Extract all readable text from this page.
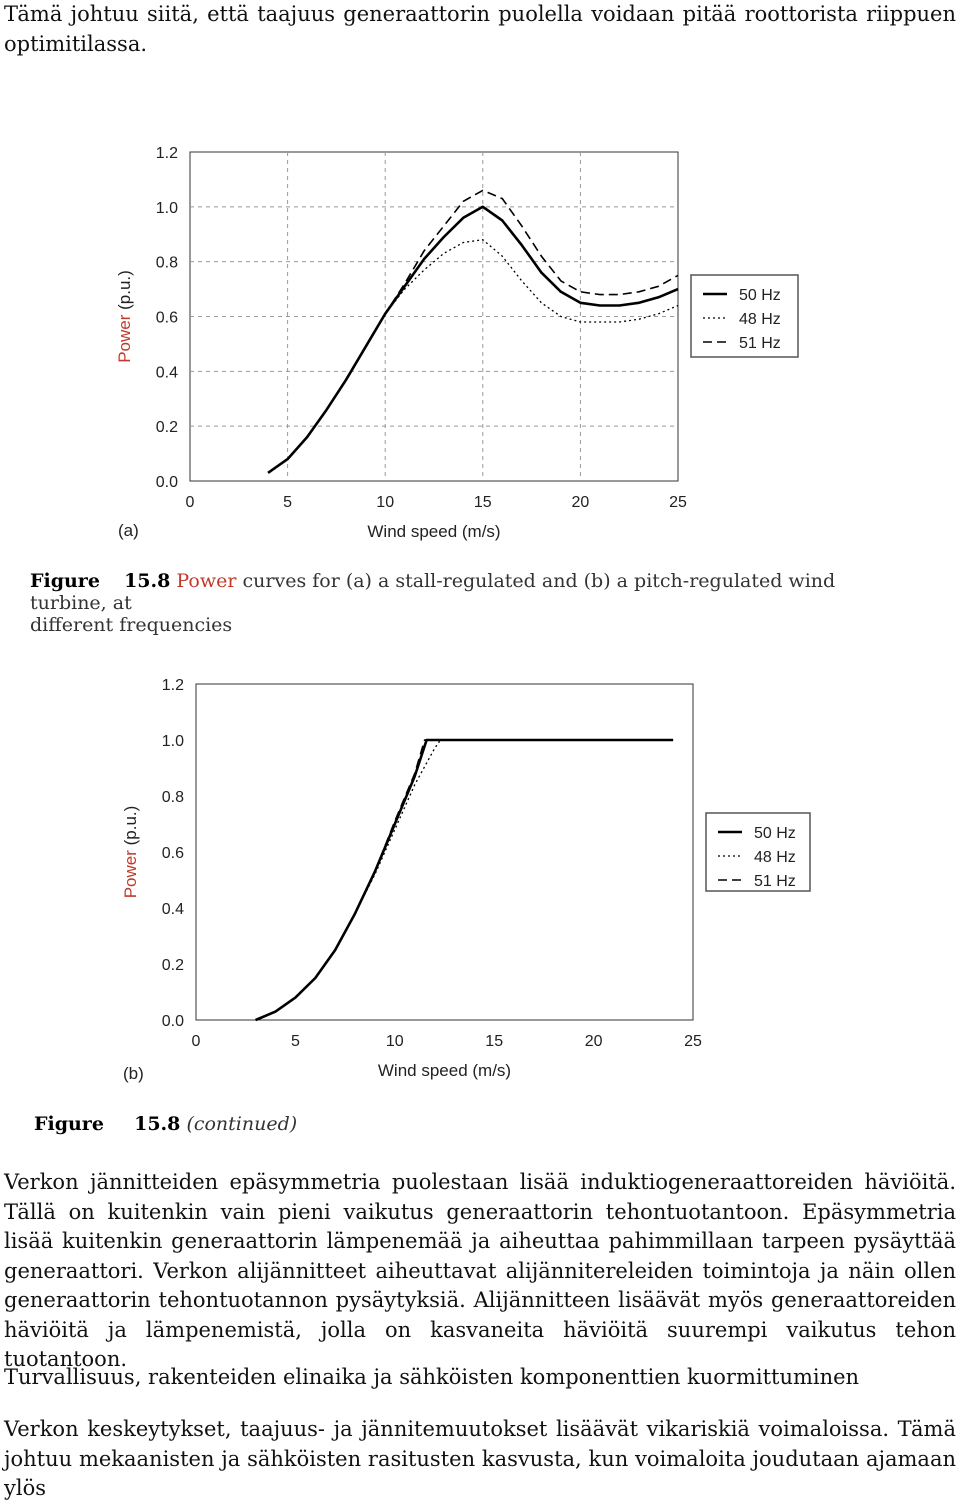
Tämä johtuu siitä, että taajuus generaattorin puolella voidaan pitää roottorista riippuen optimitilassa.

0	5	10	15	20	25
0.0
0.2
0.4
0.6
0.8
1.0
1.2
Wind speed (m/s)
Power (p.u.)
(a)
50 Hz
48 Hz
51 Hz
Figure 15.8 Power curves for (a) a stall-regulated and (b) a pitch-regulated wind turbine, at
different frequencies
0	5	10	15	20	25
0.0
0.2
0.4
0.6
0.8
1.0
1.2
Wind speed (m/s)
Power (p.u.)
(b)
50 Hz
48 Hz
51 Hz
Figure 15.8 (continued)

Verkon jännitteiden epäsymmetria puolestaan lisää induktiogeneraattoreiden häviöitä. Tällä on kuitenkin vain pieni vaikutus generaattorin tehontuotantoon. Epäsymmetria lisää kuitenkin generaattorin lämpenemää ja aiheuttaa pahimmillaan tarpeen pysäyttää generaattori. Verkon alijännitteet aiheuttavat alijännitereleiden toimintoja ja näin ollen generaattorin tehontuotannon pysäytyksiä. Alijännitteen lisäävät myös generaattoreiden häviöitä ja lämpenemistä, jolla on kasvaneita häviöitä suurempi vaikutus tehon tuotantoon.

Turvallisuus, rakenteiden elinaika ja sähköisten komponenttien kuormittuminen

Verkon keskeytykset, taajuus- ja jännitemuutokset lisäävät vikariskiä voimaloissa. Tämä johtuu mekaanisten ja sähköisten rasitusten kasvusta, kun voimaloita joudutaan ajamaan ylös
